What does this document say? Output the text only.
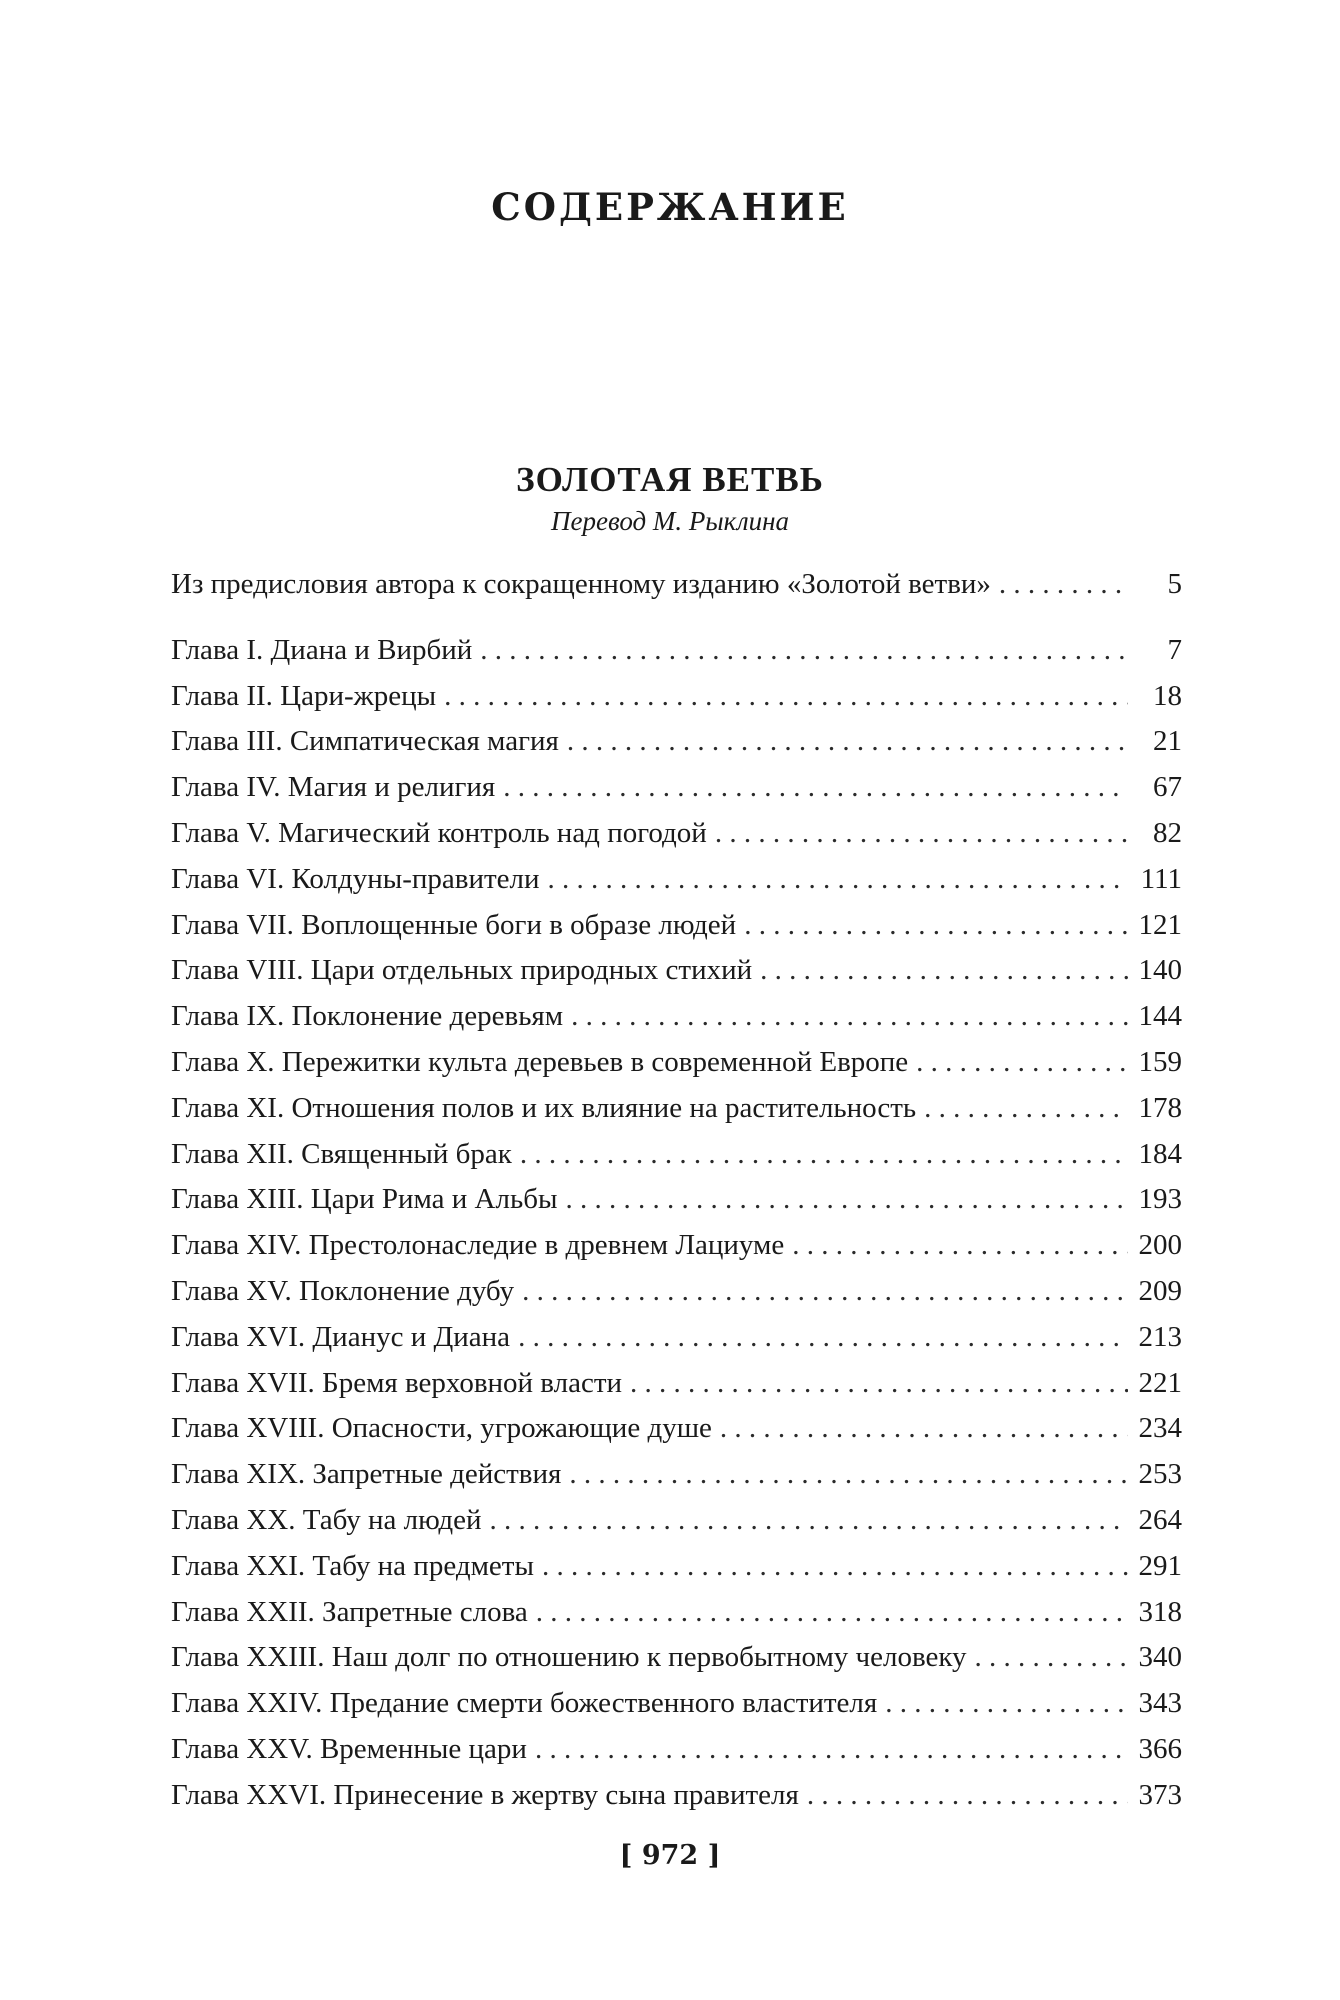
СОДЕРЖАНИЕ
ЗОЛОТАЯ ВЕТВЬ

Перевод М. Рыклина

Из предисловия автора к сокращенному изданию «Золотой ветви» . . .	5
Глава I. Диана и Вирбий . . .	7
Глава II. Цари-жрецы . . .	18
Глава III. Симпатическая магия . . .	21
Глава IV. Магия и религия . . .	67
Глава V. Магический контроль над погодой . . .	82
Глава VI. Колдуны-правители . . .	111
Глава VII. Воплощенные боги в образе людей . . .	121
Глава VIII. Цари отдельных природных стихий . . .	140
Глава IX. Поклонение деревьям . . .	144
Глава X. Пережитки культа деревьев в современной Европе . . .	159
Глава XI. Отношения полов и их влияние на растительность . . .	178
Глава XII. Священный брак . . .	184
Глава XIII. Цари Рима и Альбы . . .	193
Глава XIV. Престолонаследие в древнем Лациуме . . .	200
Глава XV. Поклонение дубу . . .	209
Глава XVI. Дианус и Диана . . .	213
Глава XVII. Бремя верховной власти . . .	221
Глава XVIII. Опасности, угрожающие душе . . .	234
Глава XIX. Запретные действия . . .	253
Глава XX. Табу на людей . . .	264
Глава XXI. Табу на предметы . . .	291
Глава XXII. Запретные слова . . .	318
Глава XXIII. Наш долг по отношению к первобытному человеку . . .	340
Глава XXIV. Предание смерти божественного властителя . . .	343
Глава XXV. Временные цари . . .	366
Глава XXVI. Принесение в жертву сына правителя . . .	373

[ 972 ]
